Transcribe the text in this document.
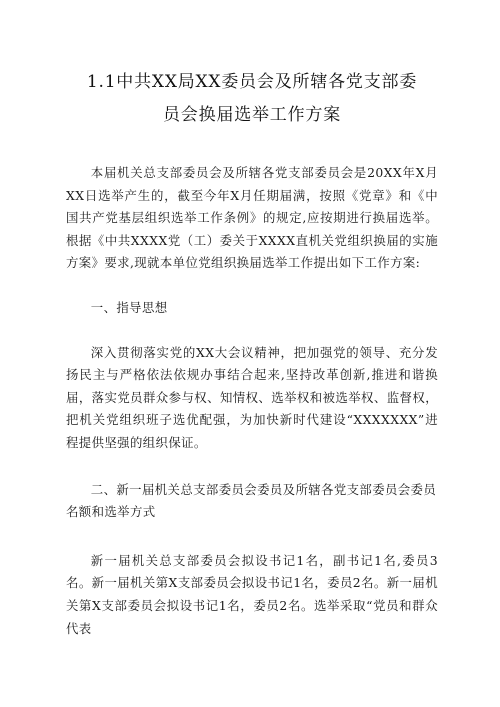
1.1中共XX局XX委员会及所辖各党支部委
员会换届选举工作方案

本届机关总支部委员会及所辖各党支部委员会是20XX年X月XX日选举产生的，截至今年X月任期届满，按照《党章》和《中国共产党基层组织选举工作条例》的规定,应按期进行换届选举。根据《中共XXXX党（工）委关于XXXX直机关党组织换届的实施方案》要求,现就本单位党组织换届选举工作提出如下工作方案:

一、指导思想

深入贯彻落实党的XX大会议精神，把加强党的领导、充分发扬民主与严格依法依规办事结合起来,坚持改革创新,推进和谐换届，落实党员群众参与权、知情权、选举权和被选举权、监督权，把机关党组织班子选优配强，为加快新时代建设“XXXXXXX”进程提供坚强的组织保证。

二、新一届机关总支部委员会委员及所辖各党支部委员会委员名额和选举方式

新一届机关总支部委员会拟设书记1名，副书记1名,委员3名。新一届机关第X支部委员会拟设书记1名，委员2名。新一届机关第X支部委员会拟设书记1名，委员2名。选举采取“党员和群众代表
